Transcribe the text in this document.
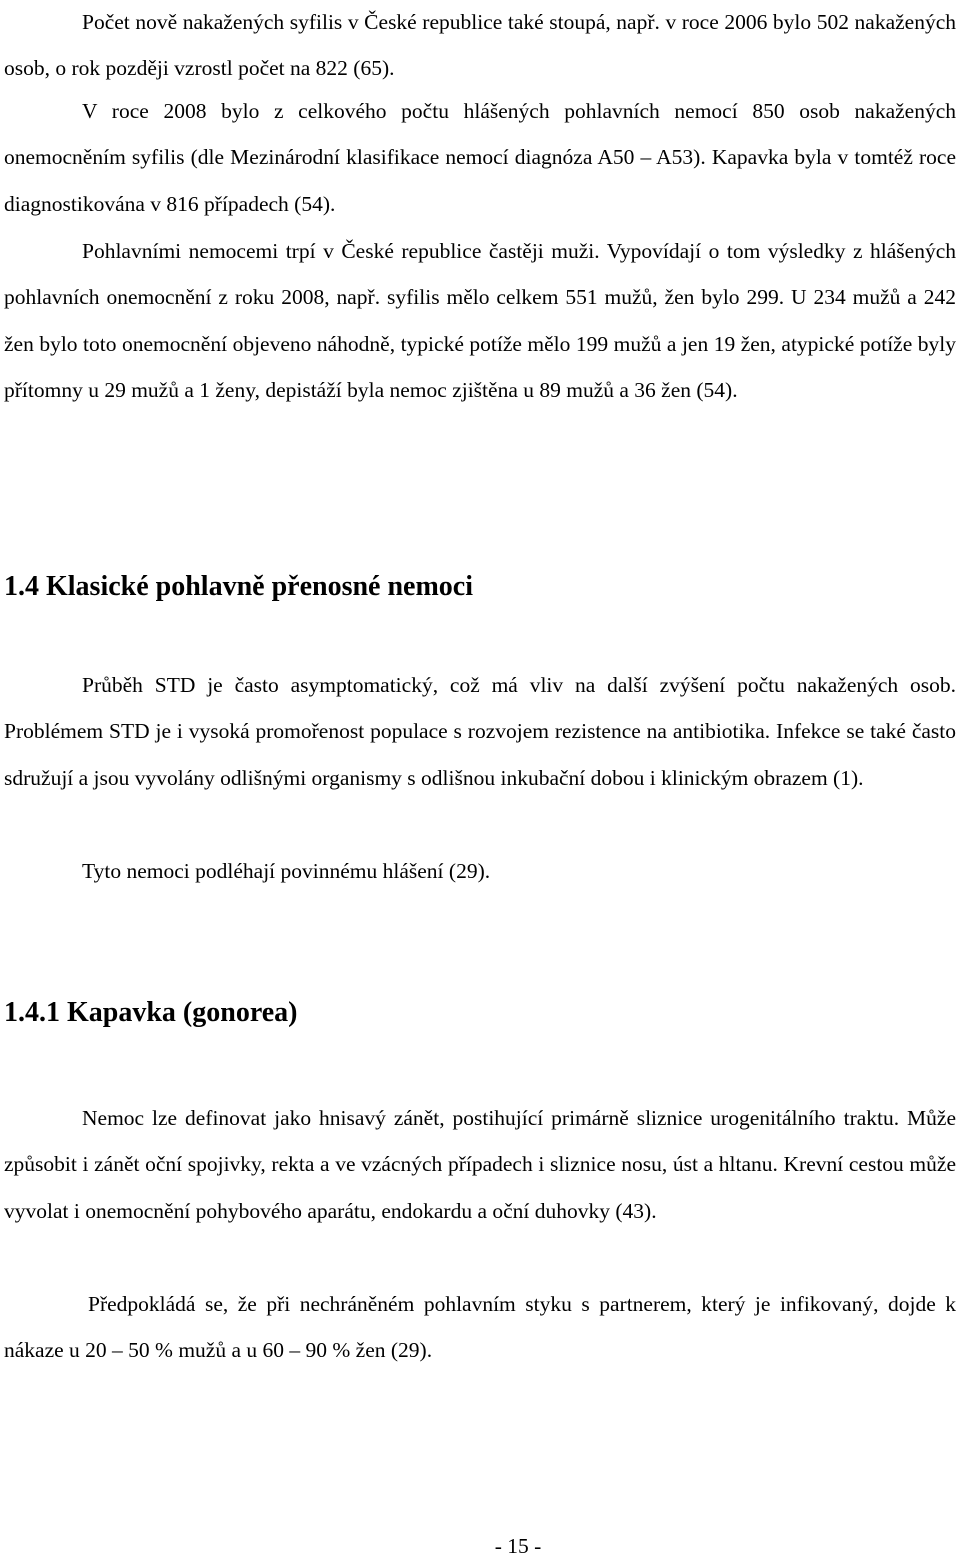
Počet nově nakažených syfilis v České republice také stoupá, např. v roce 2006 bylo 502 nakažených osob, o rok později vzrostl počet na 822 (65).

V roce 2008 bylo z celkového počtu hlášených pohlavních nemocí 850 osob nakažených onemocněním syfilis (dle Mezinárodní klasifikace nemocí diagnóza A50 – A53). Kapavka byla v tomtéž roce diagnostikována v 816 případech (54).

Pohlavními nemocemi trpí v České republice častěji muži. Vypovídají o tom výsledky z hlášených pohlavních onemocnění z roku 2008, např. syfilis mělo celkem 551 mužů, žen bylo 299. U 234 mužů a 242 žen bylo toto onemocnění objeveno náhodně, typické potíže mělo 199 mužů a jen 19 žen, atypické potíže byly přítomny u 29 mužů a 1 ženy, depistáží byla nemoc zjištěna u 89 mužů a 36 žen (54).

1.4 Klasické pohlavně přenosné nemoci

Průběh STD je často asymptomatický, což má vliv na další zvýšení počtu nakažených osob. Problémem STD je i vysoká promořenost populace s rozvojem rezistence na antibiotika. Infekce se také často sdružují a jsou vyvolány odlišnými organismy s odlišnou inkubační dobou i klinickým obrazem (1).

Tyto nemoci podléhají povinnému hlášení (29).

1.4.1 Kapavka (gonorea)

Nemoc lze definovat jako hnisavý zánět, postihující primárně sliznice urogenitálního traktu. Může způsobit i zánět oční spojivky, rekta a ve vzácných případech i sliznice nosu, úst a hltanu. Krevní cestou může vyvolat i onemocnění pohybového aparátu, endokardu a oční duhovky (43).

Předpokládá se, že při nechráněném pohlavním styku s partnerem, který je infikovaný, dojde k nákaze u 20 – 50 % mužů a u 60 – 90 % žen (29).

- 15 -
